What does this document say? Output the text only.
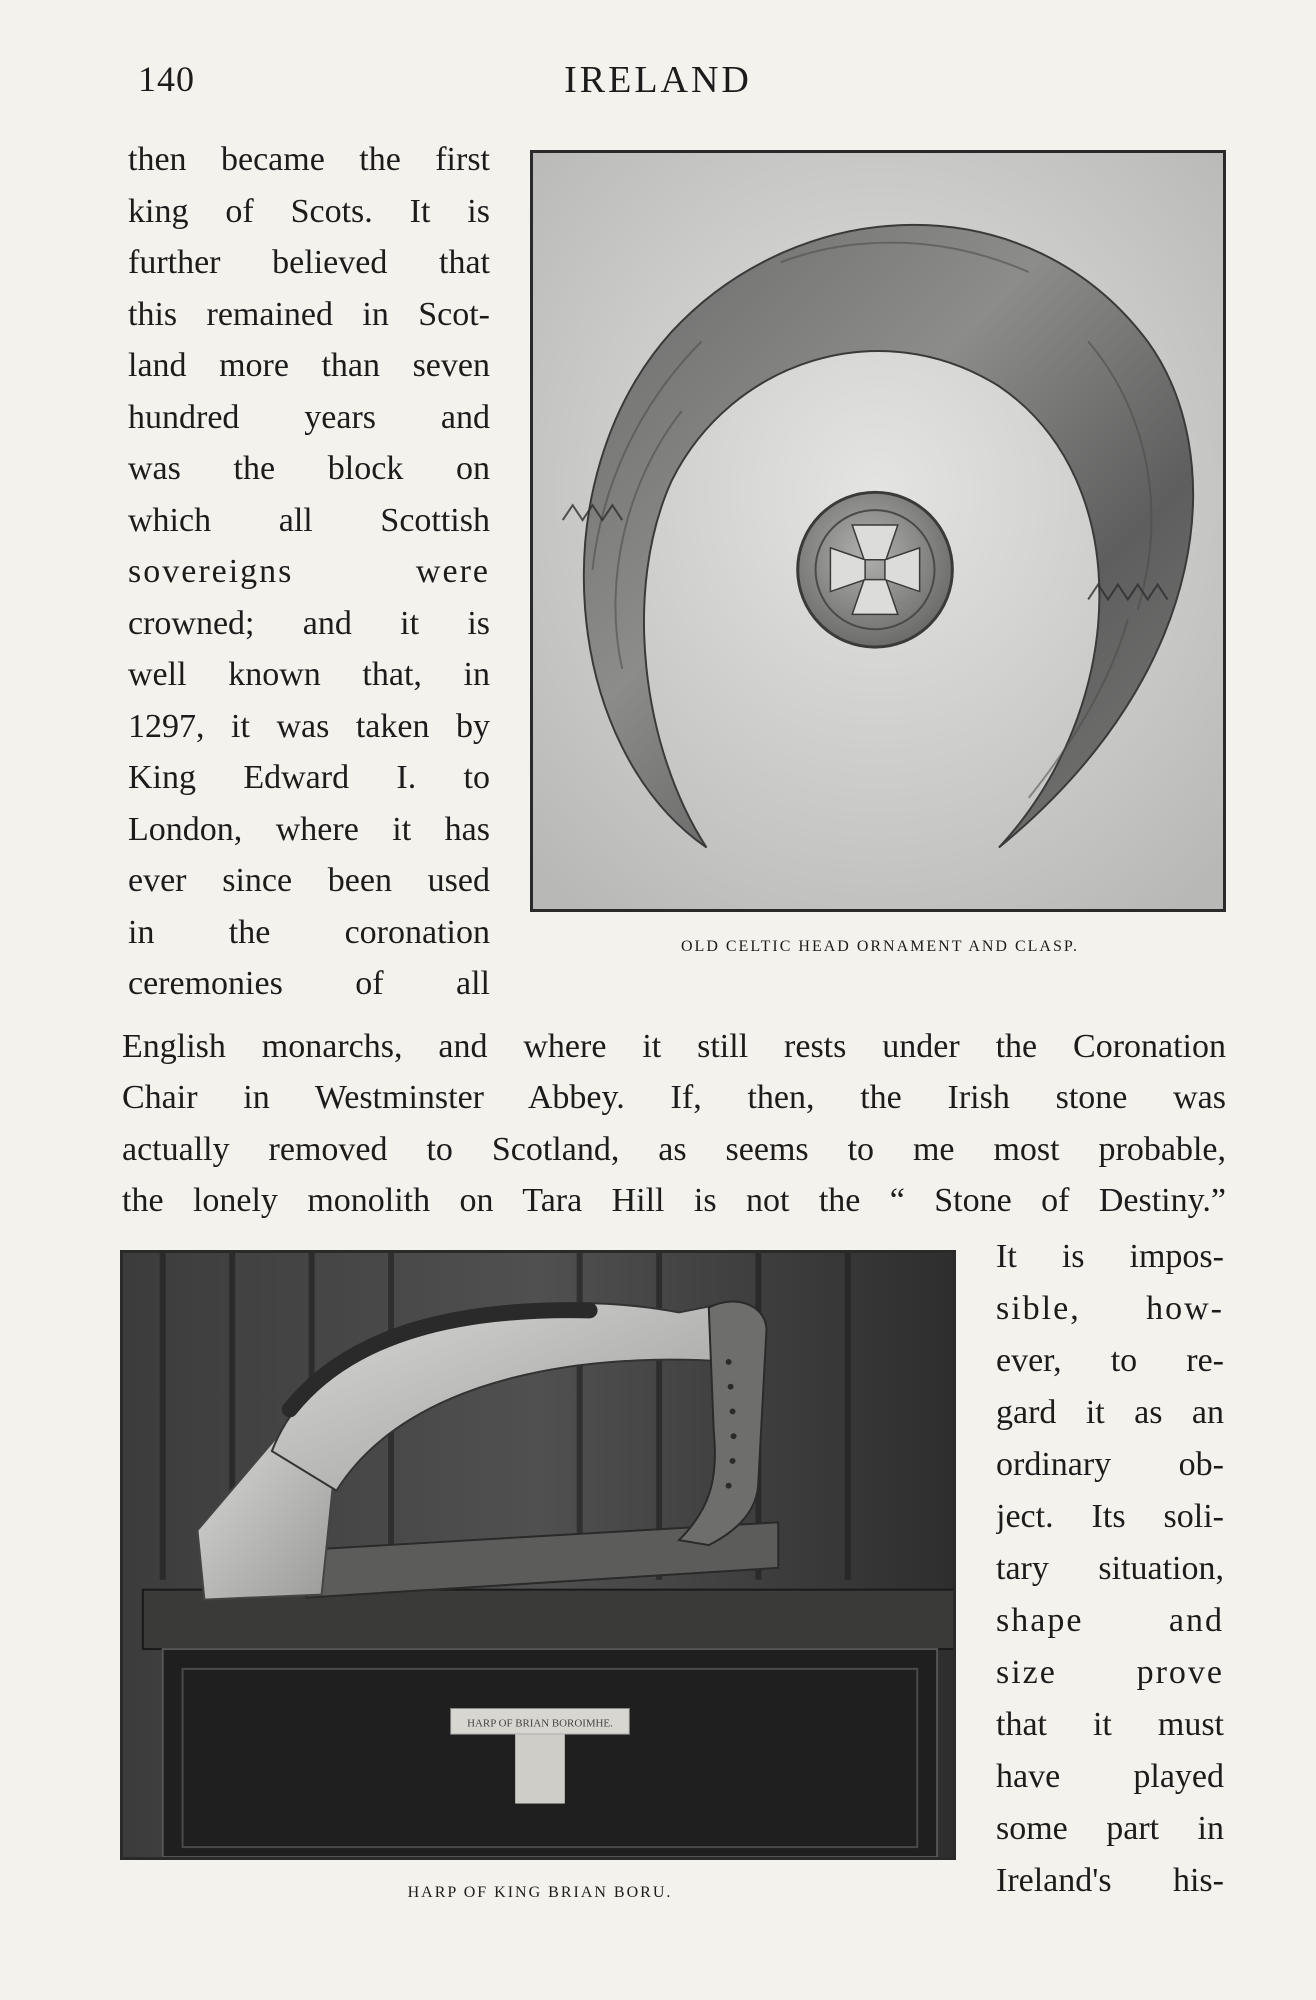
140	IRELAND
then became the first
king of Scots. It is
further believed that
this remained in Scot-
land more than seven
hundred years and
was the block on
which all Scottish
sovereigns were
crowned; and it is
well known that, in
1297, it was taken by
King Edward I. to
London, where it has
ever since been used
in the coronation
ceremonies of all
OLD CELTIC HEAD ORNAMENT AND CLASP.
English monarchs, and where it still rests under the Coronation
Chair in Westminster Abbey. If, then, the Irish stone was
actually removed to Scotland, as seems to me most probable,
the lonely monolith on Tara Hill is not the “ Stone of Destiny.”
HARP OF BRIAN BOROIMHE.
HARP OF KING BRIAN BORU.
It is impos-
sible, how-
ever, to re-
gard it as an
ordinary ob-
ject. Its soli-
tary situation,
shape and
size prove
that it must
have played
some part in
Ireland's his-
